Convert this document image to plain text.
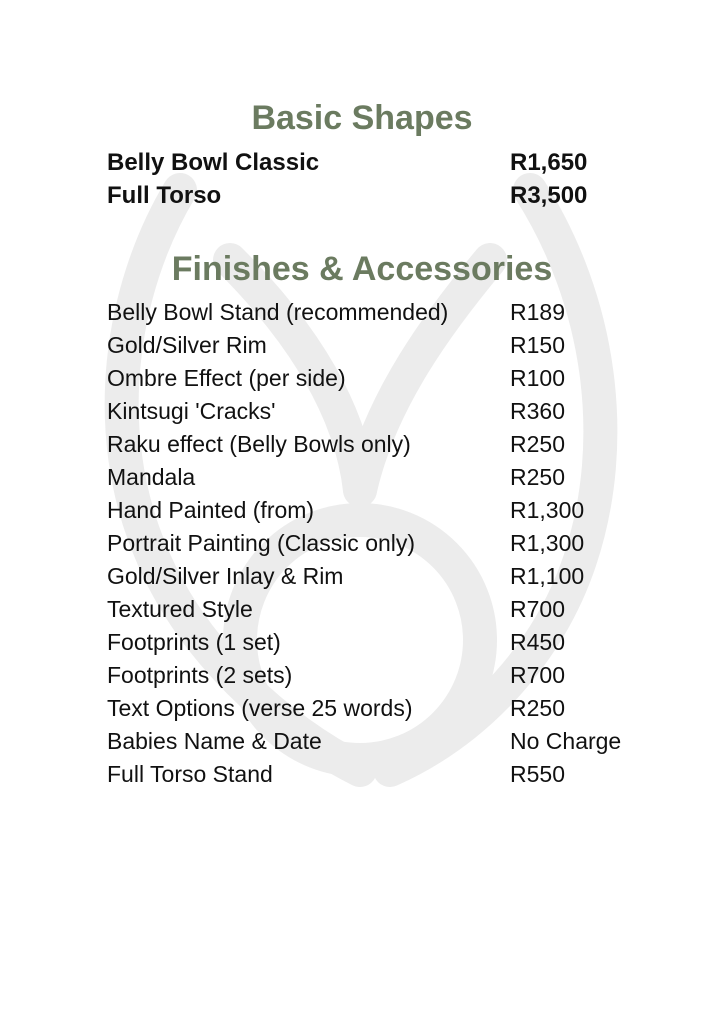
Basic Shapes
Belly Bowl Classic	R1,650
Full Torso	R3,500
Finishes & Accessories
Belly Bowl Stand (recommended)	R189
Gold/Silver Rim	R150
Ombre Effect (per side)	R100
Kintsugi 'Cracks'	R360
Raku effect (Belly Bowls only)	R250
Mandala	R250
Hand Painted (from)	R1,300
Portrait Painting (Classic only)	R1,300
Gold/Silver Inlay & Rim	R1,100
Textured Style	R700
Footprints (1 set)	R450
Footprints (2 sets)	R700
Text Options (verse 25 words)	R250
Babies Name & Date	No Charge
Full Torso Stand	R550
